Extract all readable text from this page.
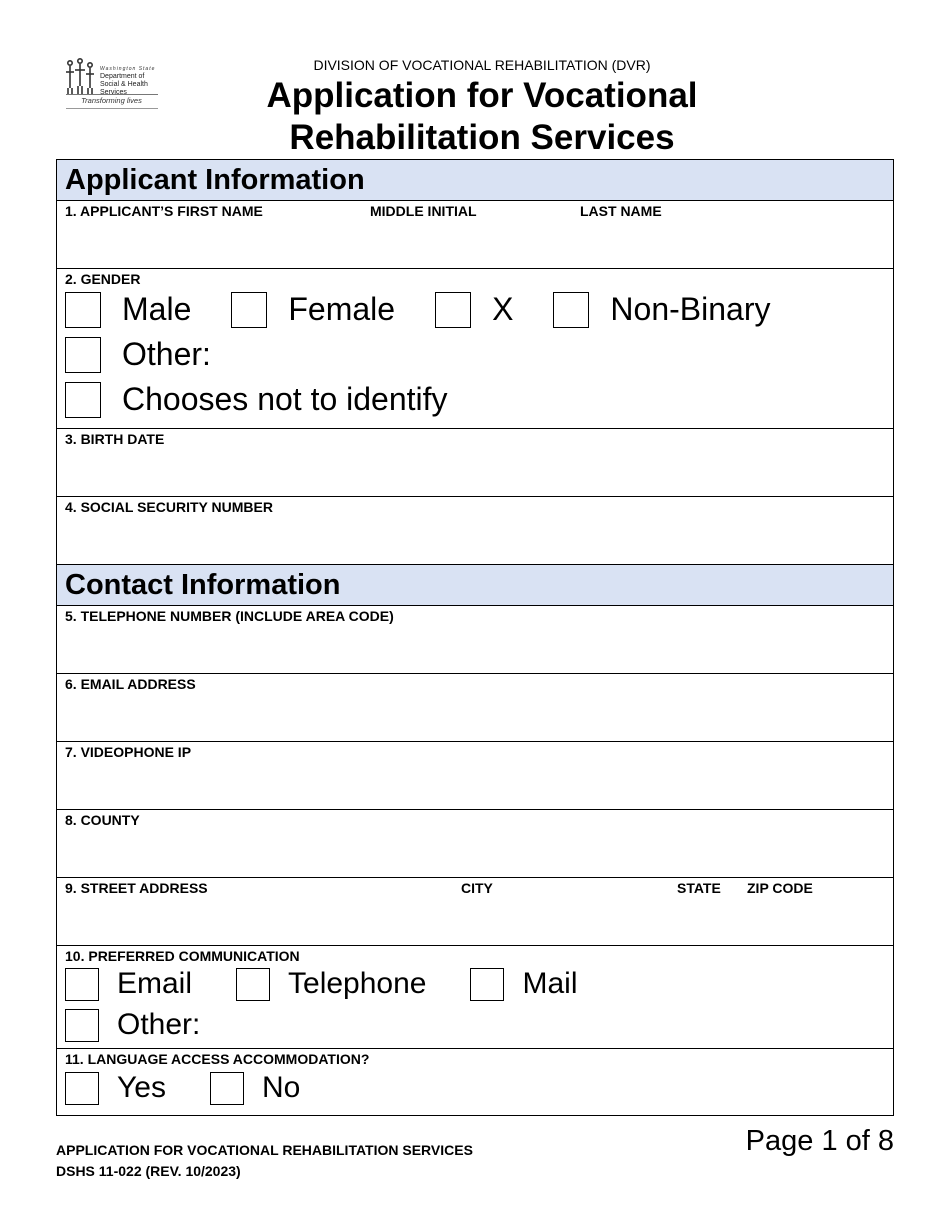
Washington State
Department of Social & Health Services
Transforming lives
DIVISION OF VOCATIONAL REHABILITATION (DVR)
Application for Vocational
Rehabilitation Services
Applicant Information
1. APPLICANT’S FIRST NAME	MIDDLE INITIAL	LAST NAME
2. GENDER
Male	Female	X	Non-Binary
Other:
Chooses not to identify
3. BIRTH DATE
4. SOCIAL SECURITY NUMBER
Contact Information
5. TELEPHONE NUMBER (INCLUDE AREA CODE)
6. EMAIL ADDRESS
7. VIDEOPHONE IP
8. COUNTY
9. STREET ADDRESS	CITY	STATE ZIP CODE
10. PREFERRED COMMUNICATION
Email	Telephone	Mail
Other:
11. LANGUAGE ACCESS ACCOMMODATION?
Yes	No
APPLICATION FOR VOCATIONAL REHABILITATION SERVICES
DSHS 11-022 (REV. 10/2023)
Page 1 of 8
